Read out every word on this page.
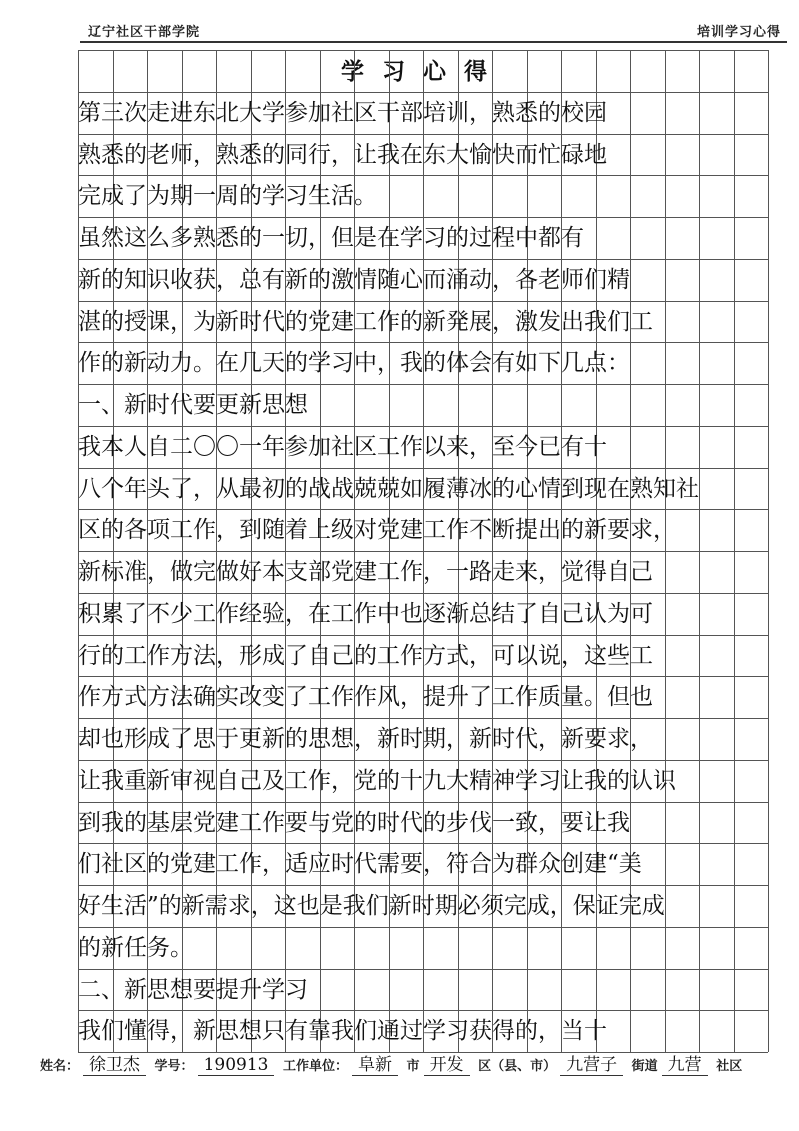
辽宁社区干部学院	培训学习心得
学习心得
第三次走进东北大学参加社区干部培训，熟悉的校园
熟悉的老师，熟悉的同行，让我在东大愉快而忙碌地
完成了为期一周的学习生活。
虽然这么多熟悉的一切，但是在学习的过程中都有
新的知识收获，总有新的激情随心而涌动，各老师们精
湛的授课，为新时代的党建工作的新発展，激发出我们工
作的新动力。在几天的学习中，我的体会有如下几点：
一、新时代要更新思想
我本人自二〇〇一年参加社区工作以来，至今已有十
八个年头了，从最初的战战兢兢如履薄冰的心情到现在熟知社
区的各项工作，到随着上级对党建工作不断提出的新要求，
新标准，做完做好本支部党建工作，一路走来，觉得自己
积累了不少工作经验，在工作中也逐渐总结了自己认为可
行的工作方法，形成了自己的工作方式，可以说，这些工
作方式方法确实改变了工作作风，提升了工作质量。但也
却也形成了思于更新的思想，新时期，新时代，新要求，
让我重新审视自己及工作，党的十九大精神学习让我的认识
到我的基层党建工作要与党的时代的步伐一致，要让我
们社区的党建工作，适应时代需要，符合为群众创建“美
好生活”的新需求，这也是我们新时期必须完成，保证完成
的新任务。
二、新思想要提升学习
我们懂得，新思想只有靠我们通过学习获得的，当十
姓名： 徐卫杰 学号： 190913 工作单位： 阜新 市 开发 区（县、市） 九营子 街道 九营 社区
